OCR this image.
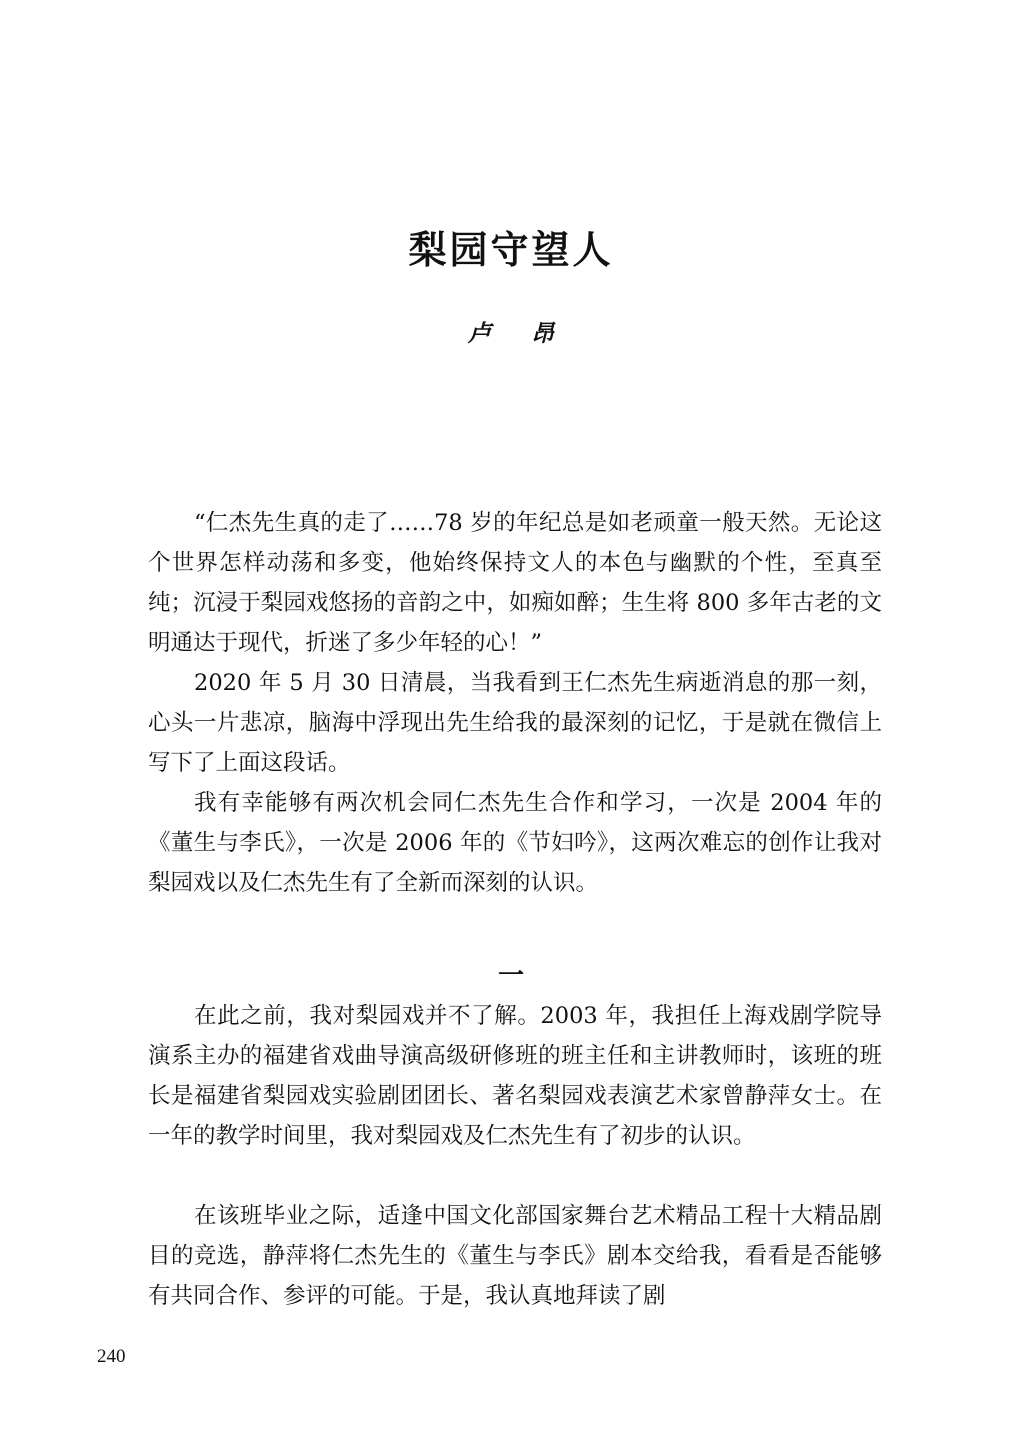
梨园守望人
卢 昂

“仁杰先生真的走了……78 岁的年纪总是如老顽童一般天然。无论这个世界怎样动荡和多变，他始终保持文人的本色与幽默的个性，至真至纯；沉浸于梨园戏悠扬的音韵之中，如痴如醉；生生将 800 多年古老的文明通达于现代，折迷了多少年轻的心！”

2020 年 5 月 30 日清晨，当我看到王仁杰先生病逝消息的那一刻，心头一片悲凉，脑海中浮现出先生给我的最深刻的记忆，于是就在微信上写下了上面这段话。

我有幸能够有两次机会同仁杰先生合作和学习，一次是 2004 年的《董生与李氏》，一次是 2006 年的《节妇吟》，这两次难忘的创作让我对梨园戏以及仁杰先生有了全新而深刻的认识。

一

在此之前，我对梨园戏并不了解。2003 年，我担任上海戏剧学院导演系主办的福建省戏曲导演高级研修班的班主任和主讲教师时，该班的班长是福建省梨园戏实验剧团团长、著名梨园戏表演艺术家曾静萍女士。在一年的教学时间里，我对梨园戏及仁杰先生有了初步的认识。

在该班毕业之际，适逢中国文化部国家舞台艺术精品工程十大精品剧目的竞选，静萍将仁杰先生的《董生与李氏》剧本交给我，看看是否能够有共同合作、参评的可能。于是，我认真地拜读了剧

240
